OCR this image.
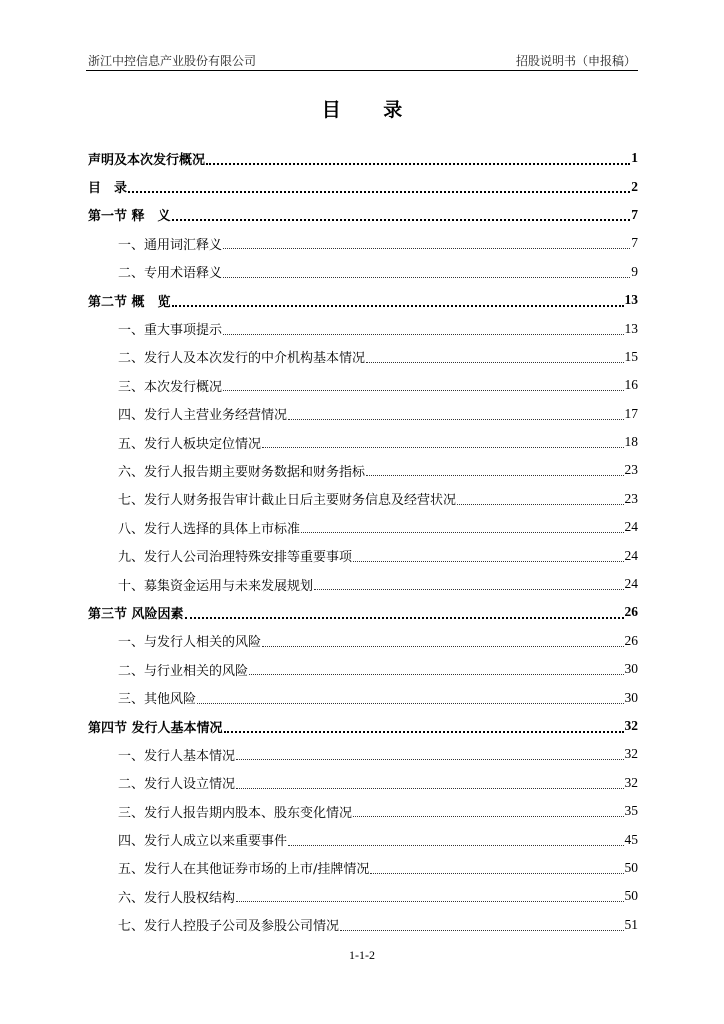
浙江中控信息产业股份有限公司	招股说明书（申报稿）
目 录
声明及本次发行概况	1
目　录	2
第一节 释　义	7
一、通用词汇释义	7
二、专用术语释义	9
第二节 概　览	13
一、重大事项提示	13
二、发行人及本次发行的中介机构基本情况	15
三、本次发行概况	16
四、发行人主营业务经营情况	17
五、发行人板块定位情况	18
六、发行人报告期主要财务数据和财务指标	23
七、发行人财务报告审计截止日后主要财务信息及经营状况	23
八、发行人选择的具体上市标准	24
九、发行人公司治理特殊安排等重要事项	24
十、募集资金运用与未来发展规划	24
第三节 风险因素	26
一、与发行人相关的风险	26
二、与行业相关的风险	30
三、其他风险	30
第四节 发行人基本情况	32
一、发行人基本情况	32
二、发行人设立情况	32
三、发行人报告期内股本、股东变化情况	35
四、发行人成立以来重要事件	45
五、发行人在其他证券市场的上市/挂牌情况	50
六、发行人股权结构	50
七、发行人控股子公司及参股公司情况	51
1-1-2
